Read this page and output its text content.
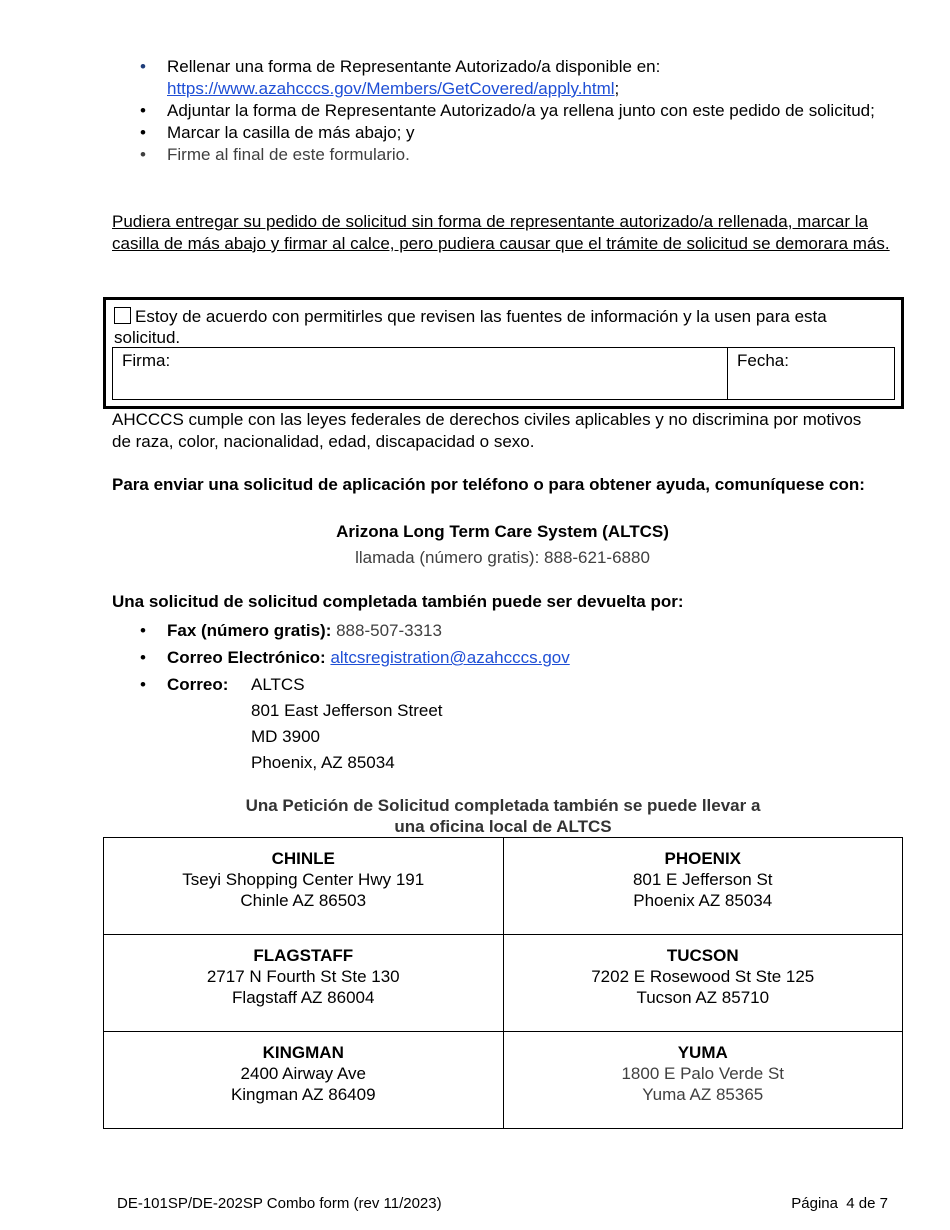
• Rellenar una forma de Representante Autorizado/a disponible en:
https://www.azahcccs.gov/Members/GetCovered/apply.html;
• Adjuntar la forma de Representante Autorizado/a ya rellena junto con este pedido de solicitud;
• Marcar la casilla de más abajo; y
• Firme al final de este formulario.
Pudiera entregar su pedido de solicitud sin forma de representante autorizado/a rellenada, marcar la casilla de más abajo y firmar al calce, pero pudiera causar que el trámite de solicitud se demorara más.
Estoy de acuerdo con permitirles que revisen las fuentes de información y la usen para esta solicitud.
Firma:	Fecha:
AHCCCS cumple con las leyes federales de derechos civiles aplicables y no discrimina por motivos de raza, color, nacionalidad, edad, discapacidad o sexo.
Para enviar una solicitud de aplicación por teléfono o para obtener ayuda, comuníquese con:
Arizona Long Term Care System (ALTCS)
llamada (número gratis): 888-621-6880
Una solicitud de solicitud completada también puede ser devuelta por:
• Fax (número gratis): 888-507-3313
• Correo Electrónico: altcsregistration@azahcccs.gov
• Correo:	ALTCS
801 East Jefferson Street
MD 3900
Phoenix, AZ 85034
Una Petición de Solicitud completada también se puede llevar a
una oficina local de ALTCS
CHINLE
Tseyi Shopping Center Hwy 191
Chinle AZ 86503	PHOENIX
801 E Jefferson St
Phoenix AZ 85034
FLAGSTAFF
2717 N Fourth St Ste 130
Flagstaff AZ 86004	TUCSON
7202 E Rosewood St Ste 125
Tucson AZ 85710
KINGMAN
2400 Airway Ave
Kingman AZ 86409	YUMA
1800 E Palo Verde St
Yuma AZ 85365
DE-101SP/DE-202SP Combo form (rev 11/2023)	Página  4 de 7
